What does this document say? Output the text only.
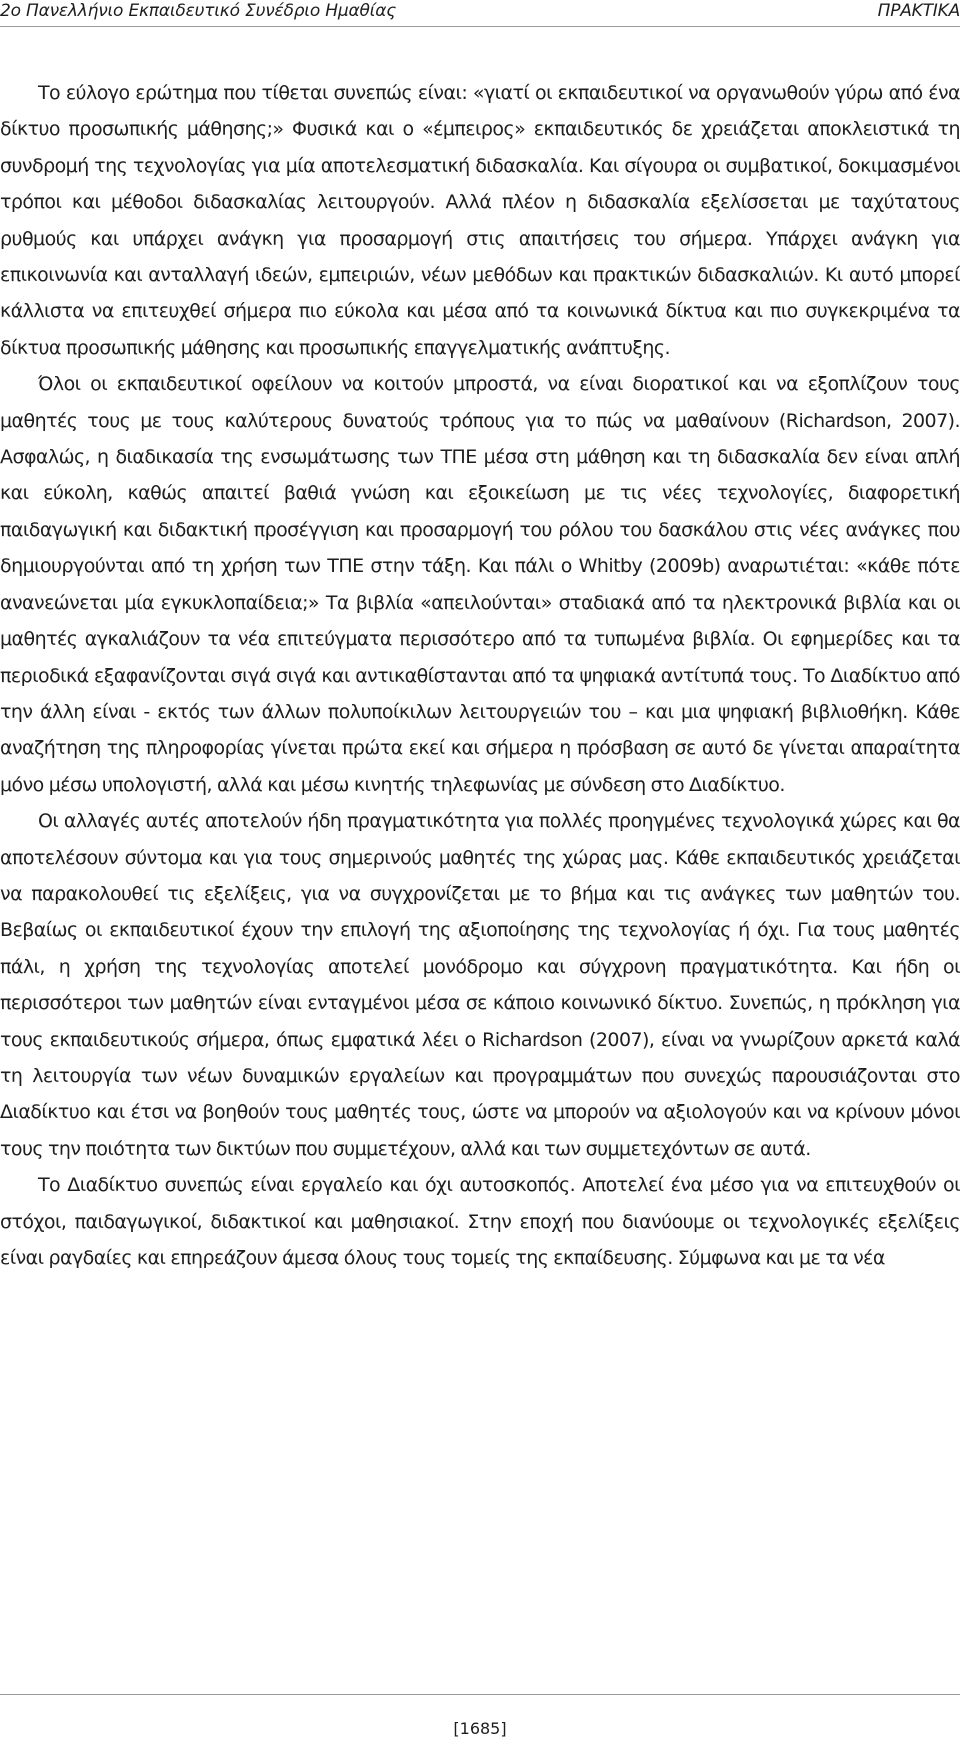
2ο Πανελλήνιο Εκπαιδευτικό Συνέδριο Ημαθίας	ΠΡΑΚΤΙΚΑ

Το εύλογο ερώτημα που τίθεται συνεπώς είναι: «γιατί οι εκπαιδευτικοί να οργανωθούν γύρω από ένα δίκτυο προσωπικής μάθησης;» Φυσικά και ο «έμπειρος» εκπαιδευτικός δε χρειάζεται αποκλειστικά τη συνδρομή της τεχνολογίας για μία αποτελεσματική διδασκαλία. Και σίγουρα οι συμβατικοί, δοκιμασμένοι τρόποι και μέθοδοι διδασκαλίας λειτουργούν. Αλλά πλέον η διδασκαλία εξελίσσεται με ταχύτατους ρυθμούς και υπάρχει ανάγκη για προσαρμογή στις απαιτήσεις του σήμερα. Υπάρχει ανάγκη για επικοινωνία και ανταλλαγή ιδεών, εμπειριών, νέων μεθόδων και πρακτικών διδασκαλιών. Κι αυτό μπορεί κάλλιστα να επιτευχθεί σήμερα πιο εύκολα και μέσα από τα κοινωνικά δίκτυα και πιο συγκεκριμένα τα δίκτυα προσωπικής μάθησης και προσωπικής επαγγελματικής ανάπτυξης.

Όλοι οι εκπαιδευτικοί οφείλουν να κοιτούν μπροστά, να είναι διορατικοί και να εξοπλίζουν τους μαθητές τους με τους καλύτερους δυνατούς τρόπους για το πώς να μαθαίνουν (Richardson, 2007). Ασφαλώς, η διαδικασία της ενσωμάτωσης των ΤΠΕ μέσα στη μάθηση και τη διδασκαλία δεν είναι απλή και εύκολη, καθώς απαιτεί βαθιά γνώση και εξοικείωση με τις νέες τεχνολογίες, διαφορετική παιδαγωγική και διδακτική προσέγγιση και προσαρμογή του ρόλου του δασκάλου στις νέες ανάγκες που δημιουργούνται από τη χρήση των ΤΠΕ στην τάξη. Και πάλι ο Whitby (2009b) αναρωτιέται: «κάθε πότε ανανεώνεται μία εγκυκλοπαίδεια;» Τα βιβλία «απειλούνται» σταδιακά από τα ηλεκτρονικά βιβλία και οι μαθητές αγκαλιάζουν τα νέα επιτεύγματα περισσότερο από τα τυπωμένα βιβλία. Οι εφημερίδες και τα περιοδικά εξαφανίζονται σιγά σιγά και αντικαθίστανται από τα ψηφιακά αντίτυπά τους. Το Διαδίκτυο από την άλλη είναι - εκτός των άλλων πολυποίκιλων λειτουργειών του – και μια ψηφιακή βιβλιοθήκη. Κάθε αναζήτηση της πληροφορίας γίνεται πρώτα εκεί και σήμερα η πρόσβαση σε αυτό δε γίνεται απαραίτητα μόνο μέσω υπολογιστή, αλλά και μέσω κινητής τηλεφωνίας με σύνδεση στο Διαδίκτυο.

Οι αλλαγές αυτές αποτελούν ήδη πραγματικότητα για πολλές προηγμένες τεχνολογικά χώρες και θα αποτελέσουν σύντομα και για τους σημερινούς μαθητές της χώρας μας. Κάθε εκπαιδευτικός χρειάζεται να παρακολουθεί τις εξελίξεις, για να συγχρονίζεται με το βήμα και τις ανάγκες των μαθητών του. Βεβαίως οι εκπαιδευτικοί έχουν την επιλογή της αξιοποίησης της τεχνολογίας ή όχι. Για τους μαθητές πάλι, η χρήση της τεχνολογίας αποτελεί μονόδρομο και σύγχρονη πραγματικότητα. Και ήδη οι περισσότεροι των μαθητών είναι ενταγμένοι μέσα σε κάποιο κοινωνικό δίκτυο. Συνεπώς, η πρόκληση για τους εκπαιδευτικούς σήμερα, όπως εμφατικά λέει ο Richardson (2007), είναι να γνωρίζουν αρκετά καλά τη λειτουργία των νέων δυναμικών εργαλείων και προγραμμάτων που συνεχώς παρουσιάζονται στο Διαδίκτυο και έτσι να βοηθούν τους μαθητές τους, ώστε να μπορούν να αξιολογούν και να κρίνουν μόνοι τους την ποιότητα των δικτύων που συμμετέχουν, αλλά και των συμμετεχόντων σε αυτά.

Το Διαδίκτυο συνεπώς είναι εργαλείο και όχι αυτοσκοπός. Αποτελεί ένα μέσο για να επιτευχθούν οι στόχοι, παιδαγωγικοί, διδακτικοί και μαθησιακοί. Στην εποχή που διανύουμε οι τεχνολογικές εξελίξεις είναι ραγδαίες και επηρεάζουν άμεσα όλους τους τομείς της εκπαίδευσης. Σύμφωνα και με τα νέα

[1685]
